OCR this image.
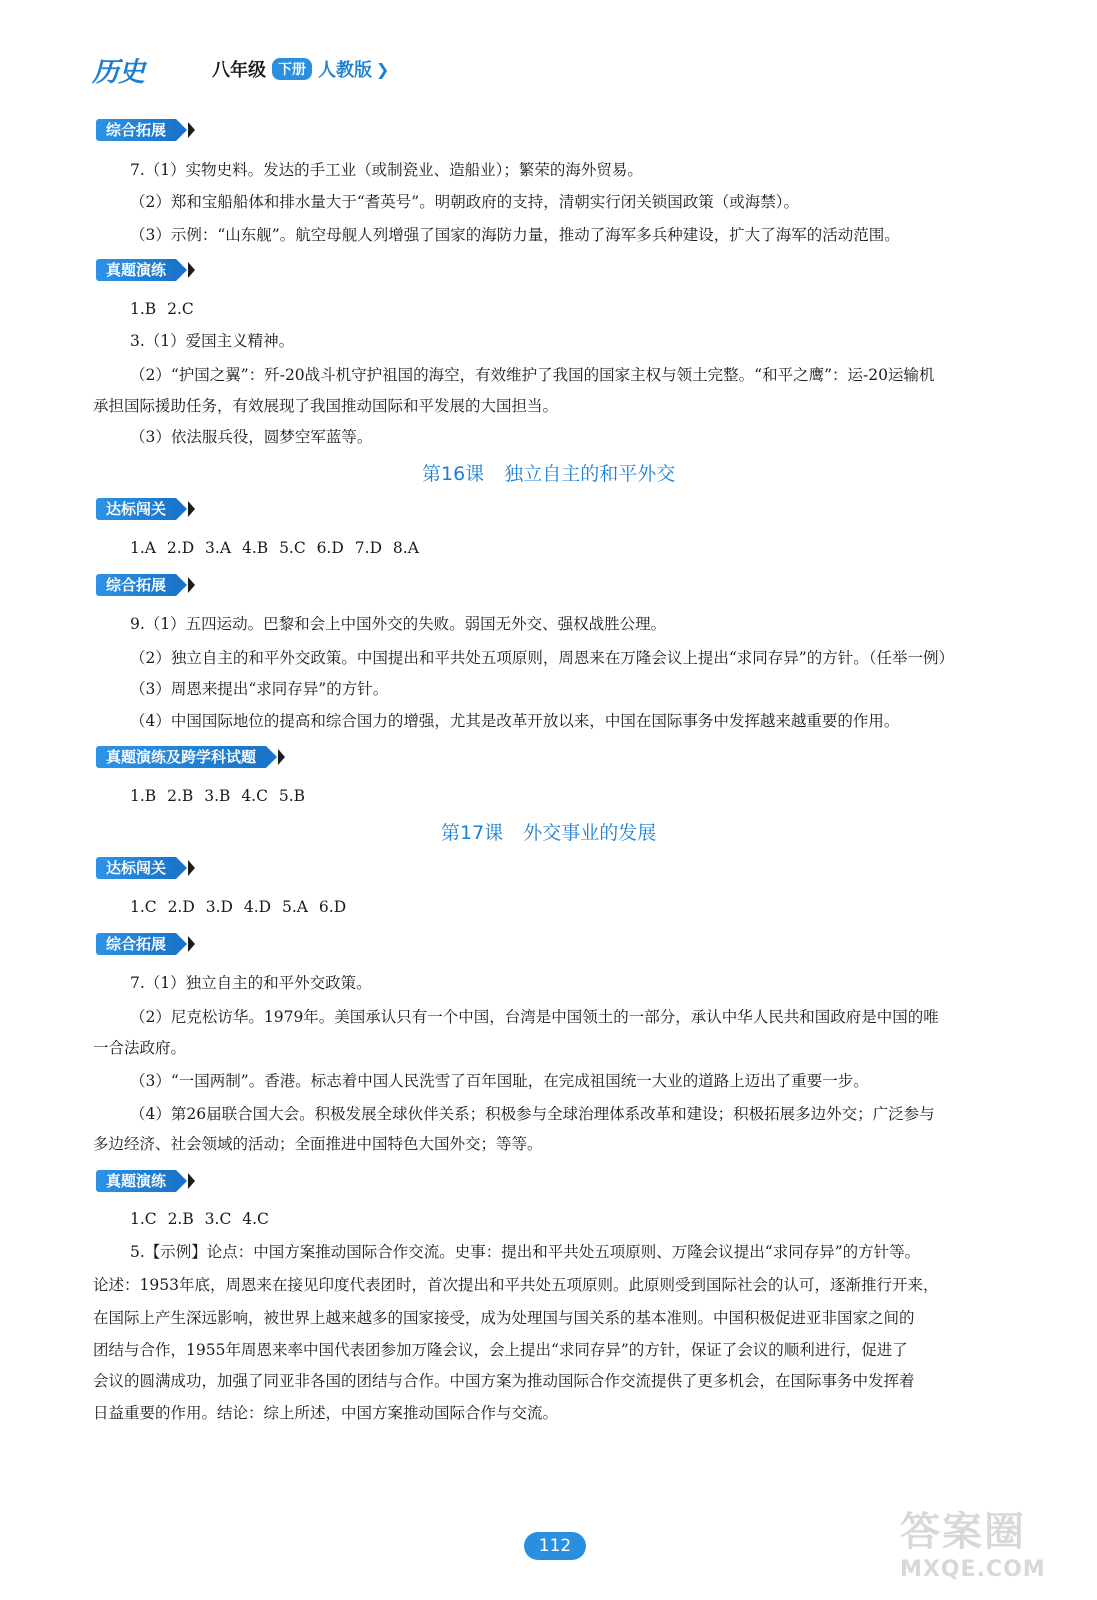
历史	八年级 下册 人教版 ❯
综合拓展
7.（1）实物史料。发达的手工业（或制瓷业、造船业）；繁荣的海外贸易。
（2）郑和宝船船体和排水量大于“耆英号”。明朝政府的支持，清朝实行闭关锁国政策（或海禁）。
（3）示例：“山东舰”。航空母舰人列增强了国家的海防力量，推动了海军多兵种建设，扩大了海军的活动范围。
真题演练
1.B 2.C
3.（1）爱国主义精神。
（2）“护国之翼”：歼-20战斗机守护祖国的海空，有效维护了我国的国家主权与领土完整。“和平之鹰”：运-20运输机
承担国际援助任务，有效展现了我国推动国际和平发展的大国担当。
（3）依法服兵役，圆梦空军蓝等。
第16课 独立自主的和平外交
达标闯关
1.A 2.D 3.A 4.B 5.C 6.D 7.D 8.A
综合拓展
9.（1）五四运动。巴黎和会上中国外交的失败。弱国无外交、强权战胜公理。
（2）独立自主的和平外交政策。中国提出和平共处五项原则，周恩来在万隆会议上提出“求同存异”的方针。（任举一例）
（3）周恩来提出“求同存异”的方针。
（4）中国国际地位的提高和综合国力的增强，尤其是改革开放以来，中国在国际事务中发挥越来越重要的作用。
真题演练及跨学科试题
1.B 2.B 3.B 4.C 5.B
第17课 外交事业的发展
达标闯关
1.C 2.D 3.D 4.D 5.A 6.D
综合拓展
7.（1）独立自主的和平外交政策。
（2）尼克松访华。1979年。美国承认只有一个中国，台湾是中国领土的一部分，承认中华人民共和国政府是中国的唯
一合法政府。
（3）“一国两制”。香港。标志着中国人民洗雪了百年国耻，在完成祖国统一大业的道路上迈出了重要一步。
（4）第26届联合国大会。积极发展全球伙伴关系；积极参与全球治理体系改革和建设；积极拓展多边外交；广泛参与
多边经济、社会领域的活动；全面推进中国特色大国外交；等等。
真题演练
1.C 2.B 3.C 4.C
5.【示例】论点：中国方案推动国际合作交流。史事：提出和平共处五项原则、万隆会议提出“求同存异”的方针等。
论述：1953年底，周恩来在接见印度代表团时，首次提出和平共处五项原则。此原则受到国际社会的认可，逐渐推行开来，
在国际上产生深远影响，被世界上越来越多的国家接受，成为处理国与国关系的基本准则。中国积极促进亚非国家之间的
团结与合作，1955年周恩来率中国代表团参加万隆会议，会上提出“求同存异”的方针，保证了会议的顺利进行，促进了
会议的圆满成功，加强了同亚非各国的团结与合作。中国方案为推动国际合作交流提供了更多机会，在国际事务中发挥着
日益重要的作用。结论：综上所述，中国方案推动国际合作与交流。
112	答案圈
MXQE.COM
